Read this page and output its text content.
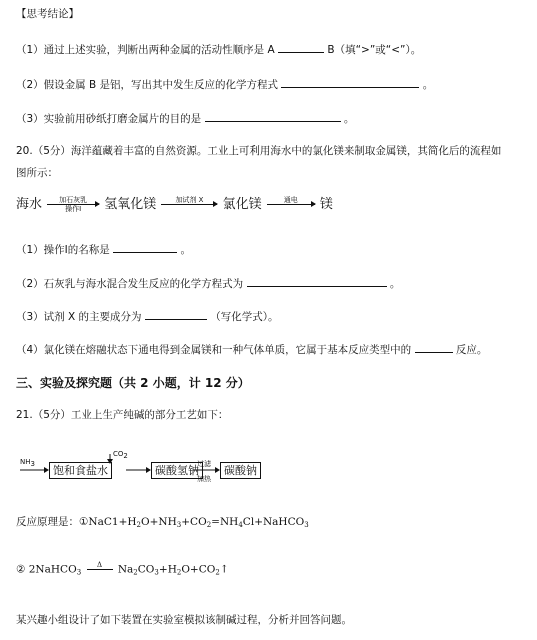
【思考结论】
（1）通过上述实验，判断出两种金属的活动性顺序是 A	B（填“>”或“<”）。
（2）假设金属 B 是铝，写出其中发生反应的化学方程式	。
（3）实验前用砂纸打磨金属片的目的是	。
20.（5分）海洋蕴藏着丰富的自然资源。工业上可利用海水中的氯化镁来制取金属镁，其简化后的流程如
图所示：
海水	加石灰乳
操作Ⅰ	氢氧化镁	加试剂 X	氯化镁	通电	镁
（1）操作Ⅰ的名称是	。
（2）石灰乳与海水混合发生反应的化学方程式为	。
（3）试剂 X 的主要成分为	（写化学式）。
（4）氯化镁在熔融状态下通电得到金属镁和一种气体单质，它属于基本反应类型中的	反应。
三、实验及探究题（共 2 小题，计 12 分）
21.（5分）工业上生产纯碱的部分工艺如下：
$NH_3$
$CO_2$
饱和食盐水	碳酸氢钠
过滤
加热
碳酸钠
反应原理是：$①NaC1+H_2O+NH_3+CO_2=NH_4Cl+NaHCO_3$
② 2NaHCO$_3$
Δ	$Na_2CO_3+H_2O+CO_2↑$
某兴趣小组设计了如下装置在实验室模拟该制碱过程，分析并回答问题。
